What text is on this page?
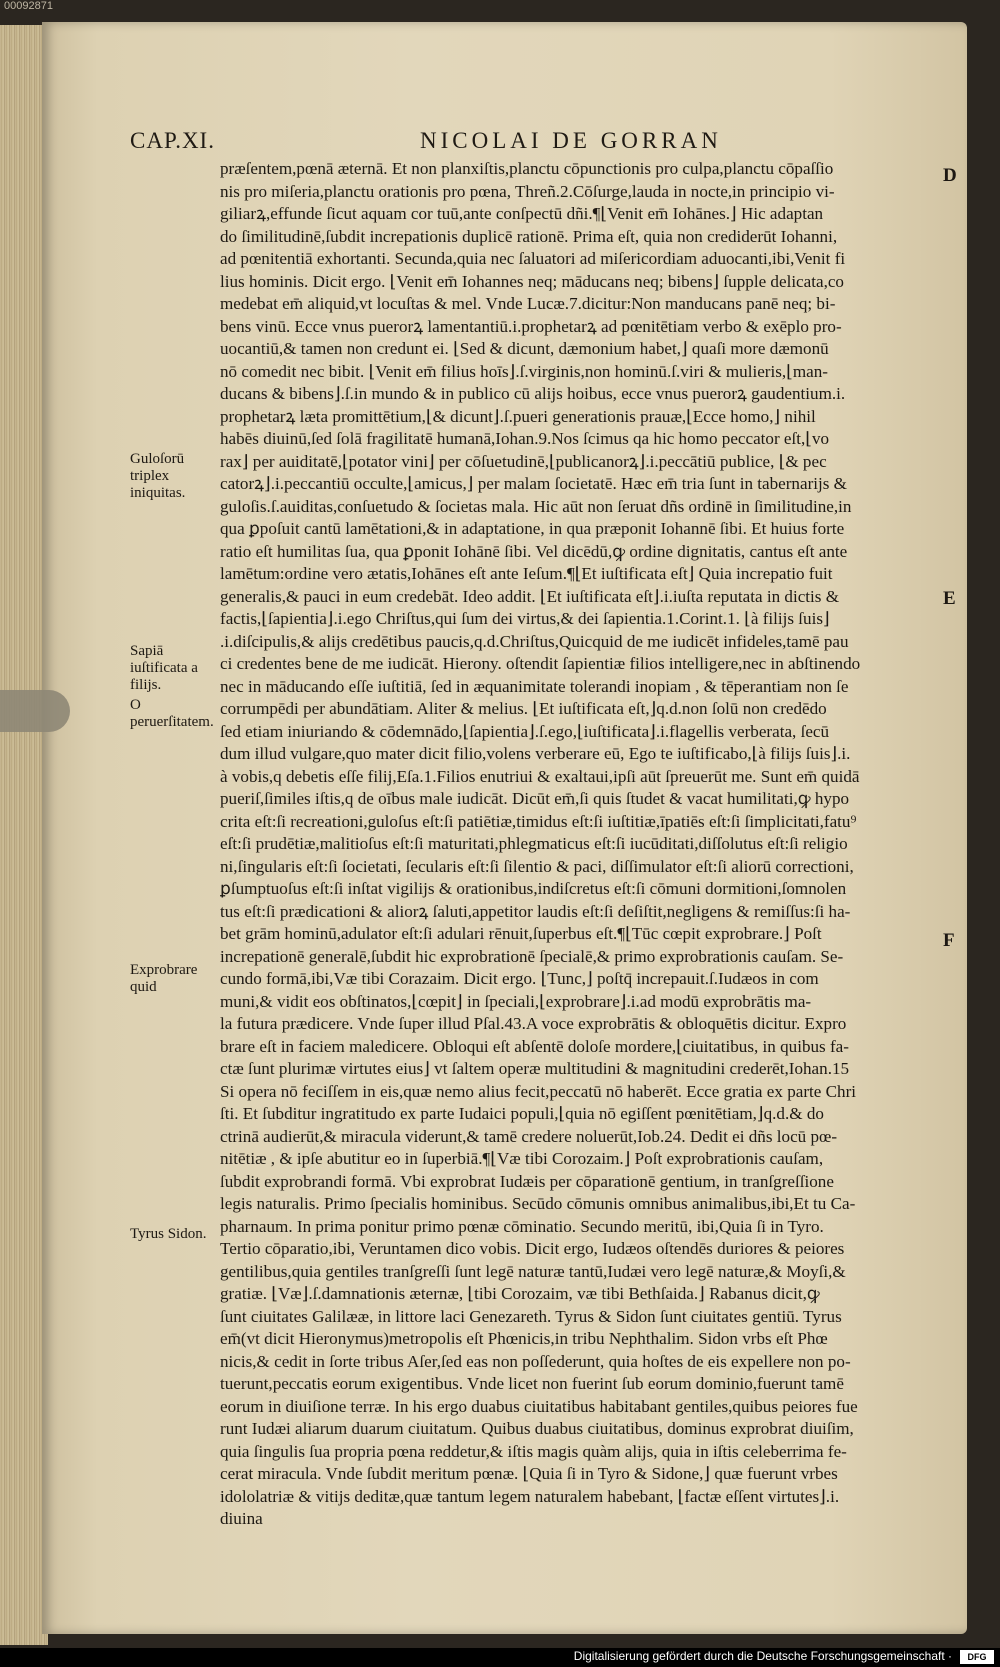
00092871
CAP.XI.	NICOLAI DE GORRAN
præſentem,pœnā æternā. Et non planxiſtis,planctu cōpunctionis pro culpa,planctu cōpaſſio
nis pro miſeria,planctu orationis pro pœna, Threñ.2.Cōſurge,lauda in nocte,in principio vi-
giliarꝝ,effunde ſicut aquam cor tuū,ante conſpectū dñi.¶⌊Venit em̄ Iohānes.⌋ Hic adaptan
do ſimilitudinē,ſubdit increpationis duplicē rationē. Prima eſt, quia non crediderūt Iohanni,
ad pœnitentiā exhortanti. Secunda,quia nec ſaluatori ad miſericordiam aduocanti,ibi,Venit fi
lius hominis. Dicit ergo. ⌊Venit em̄ Iohannes neq; māducans neq; bibens⌋ ſupple delicata,co
medebat em̄ aliquid,vt locuſtas & mel. Vnde Lucæ.7.dicitur:Non manducans panē neq; bi-
bens vinū. Ecce vnus puerorꝝ lamentantiū.i.prophetarꝝ ad pœnitētiam verbo & exēplo pro-
uocantiū,& tamen non credunt ei. ⌊Sed & dicunt, dæmonium habet,⌋ quaſi more dæmonū
nō comedit nec bibit. ⌊Venit em̄ filius hoīs⌋.ſ.virginis,non hominū.ſ.viri & mulieris,⌊man-
ducans & bibens⌋.ſ.in mundo & in publico cū alijs hoibus, ecce vnus puerorꝝ gaudentium.i.
prophetarꝝ læta promittētium,⌊& dicunt⌋.ſ.pueri generationis prauæ,⌊Ecce homo,⌋ nihil
habēs diuinū,ſed ſolā fragilitatē humanā,Iohan.9.Nos ſcimus qa hic homo peccator eſt,⌊vo
rax⌋ per auiditatē,⌊potator vini⌋ per cōſuetudinē,⌊publicanorꝝ⌋.i.peccātiū publice, ⌊& pec
catorꝝ⌋.i.peccantiū occulte,⌊amicus,⌋ per malam ſocietatē. Hæc em̄ tria ſunt in tabernarijs &
guloſis.ſ.auiditas,conſuetudo & ſocietas mala. Hic aūt non ſeruat dñs ordinē in ſimilitudine,in
qua ꝑpoſuit cantū lamētationi,& in adaptatione, in qua præponit Iohannē ſibi. Et huius forte
ratio eſt humilitas ſua, qua ꝑponit Iohānē ſibi. Vel dicēdū,ꝙ ordine dignitatis, cantus eſt ante
lamētum:ordine vero ætatis,Iohānes eſt ante Ieſum.¶⌊Et iuſtificata eſt⌋ Quia increpatio fuit
generalis,& pauci in eum credebāt. Ideo addit. ⌊Et iuſtificata eſt⌋.i.iuſta reputata in dictis &
factis,⌊ſapientia⌋.i.ego Chriſtus,qui ſum dei virtus,& dei ſapientia.1.Corint.1. ⌊à filijs ſuis⌋
.i.diſcipulis,& alijs credētibus paucis,q.d.Chriſtus,Quicquid de me iudicēt infideles,tamē pau
ci credentes bene de me iudicāt. Hierony. oſtendit ſapientiæ filios intelligere,nec in abſtinendo
nec in māducando eſſe iuſtitiā, ſed in æquanimitate tolerandi inopiam , & tēperantiam non ſe
corrumpēdi per abundātiam. Aliter & melius. ⌊Et iuſtificata eſt,⌋q.d.non ſolū non credēdo
ſed etiam iniuriando & cōdemnādo,⌊ſapientia⌋.ſ.ego,⌊iuſtificata⌋.i.flagellis verberata, ſecū
dum illud vulgare,quo mater dicit filio,volens verberare eū, Ego te iuſtificabo,⌊à filijs ſuis⌋.i.
à vobis,q debetis eſſe filij,Eſa.1.Filios enutriui & exaltaui,ipſi aūt ſpreuerūt me. Sunt em̄ quidā
pueriſ,ſimiles iſtis,q de oībus male iudicāt. Dicūt em̄,ſi quis ſtudet & vacat humilitati,ꝙ hypo
crita eſt:ſi recreationi,guloſus eſt:ſi patiētiæ,timidus eſt:ſi iuſtitiæ,īpatiēs eſt:ſi ſimplicitati,fatu⁹
eſt:ſi prudētiæ,malitioſus eſt:ſi maturitati,phlegmaticus eſt:ſi iucūditati,diſſolutus eſt:ſi religio
ni,ſingularis eſt:ſi ſocietati, ſecularis eſt:ſi ſilentio & paci, diſſimulator eſt:ſi aliorū correctioni,
ꝑſumptuoſus eſt:ſi inſtat vigilijs & orationibus,indiſcretus eſt:ſi cōmuni dormitioni,ſomnolen
tus eſt:ſi prædicationi & aliorꝝ ſaluti,appetitor laudis eſt:ſi deſiſtit,negligens & remiſſus:ſi ha-
bet grām hominū,adulator eſt:ſi adulari rēnuit,ſuperbus eſt.¶⌊Tūc cœpit exprobrare.⌋ Poſt
increpationē generalē,ſubdit hic exprobrationē ſpecialē,& primo exprobrationis cauſam. Se-
cundo formā,ibi,Væ tibi Corazaim. Dicit ergo. ⌊Tunc,⌋ poſtq̄ increpauit.ſ.Iudæos in com
muni,& vidit eos obſtinatos,⌊cœpit⌋ in ſpeciali,⌊exprobrare⌋.i.ad modū exprobrātis ma-
la futura prædicere. Vnde ſuper illud Pſal.43.A voce exprobrātis & obloquētis dicitur. Expro
brare eſt in faciem maledicere. Obloqui eſt abſentē doloſe mordere,⌊ciuitatibus, in quibus fa-
ctæ ſunt plurimæ virtutes eius⌋ vt ſaltem operæ multitudini & magnitudini crederēt,Iohan.15
Si opera nō feciſſem in eis,quæ nemo alius fecit,peccatū nō haberēt. Ecce gratia ex parte Chri
ſti. Et ſubditur ingratitudo ex parte Iudaici populi,⌊quia nō egiſſent pœnitētiam,⌋q.d.& do
ctrinā audierūt,& miracula viderunt,& tamē credere noluerūt,Iob.24. Dedit ei dñs locū pœ-
nitētiæ , & ipſe abutitur eo in ſuperbiā.¶⌊Væ tibi Corozaim.⌋ Poſt exprobrationis cauſam,
ſubdit exprobrandi formā. Vbi exprobrat Iudæis per cōparationē gentium, in tranſgreſſione
legis naturalis. Primo ſpecialis hominibus. Secūdo cōmunis omnibus animalibus,ibi,Et tu Ca-
pharnaum. In prima ponitur primo pœnæ cōminatio. Secundo meritū, ibi,Quia ſi in Tyro.
Tertio cōparatio,ibi, Veruntamen dico vobis. Dicit ergo, Iudæos oſtendēs duriores & peiores
gentilibus,quia gentiles tranſgreſſi ſunt legē naturæ tantū,Iudæi vero legē naturæ,& Moyſi,&
gratiæ. ⌊Væ⌋.ſ.damnationis æternæ, ⌊tibi Corozaim, væ tibi Bethſaida.⌋ Rabanus dicit,ꝙ
ſunt ciuitates Galilææ, in littore laci Genezareth. Tyrus & Sidon ſunt ciuitates gentiū. Tyrus
em̄(vt dicit Hieronymus)metropolis eſt Phœnicis,in tribu Nephthalim. Sidon vrbs eſt Phœ
nicis,& cedit in ſorte tribus Aſer,ſed eas non poſſederunt, quia hoſtes de eis expellere non po-
tuerunt,peccatis eorum exigentibus. Vnde licet non fuerint ſub eorum dominio,fuerunt tamē
eorum in diuiſione terræ. In his ergo duabus ciuitatibus habitabant gentiles,quibus peiores fue
runt Iudæi aliarum duarum ciuitatum. Quibus duabus ciuitatibus, dominus exprobrat diuiſim,
quia ſingulis ſua propria pœna reddetur,& iſtis magis quàm alijs, quia in iſtis celeberrima fe-
cerat miracula. Vnde ſubdit meritum pœnæ. ⌊Quia ſi in Tyro & Sidone,⌋ quæ fuerunt vrbes
idololatriæ & vitijs deditæ,quæ tantum legem naturalem habebant, ⌊factæ eſſent virtutes⌋.i.
diuina
Guloſorū triplex iniquitas.
Sapiā iuſtificata a filijs.
O peruerſitatem.
Exprobrare quid
Tyrus Sidon.
D
E
F
Digitalisierung gefördert durch die Deutsche Forschungsgemeinschaft ·	DFG
